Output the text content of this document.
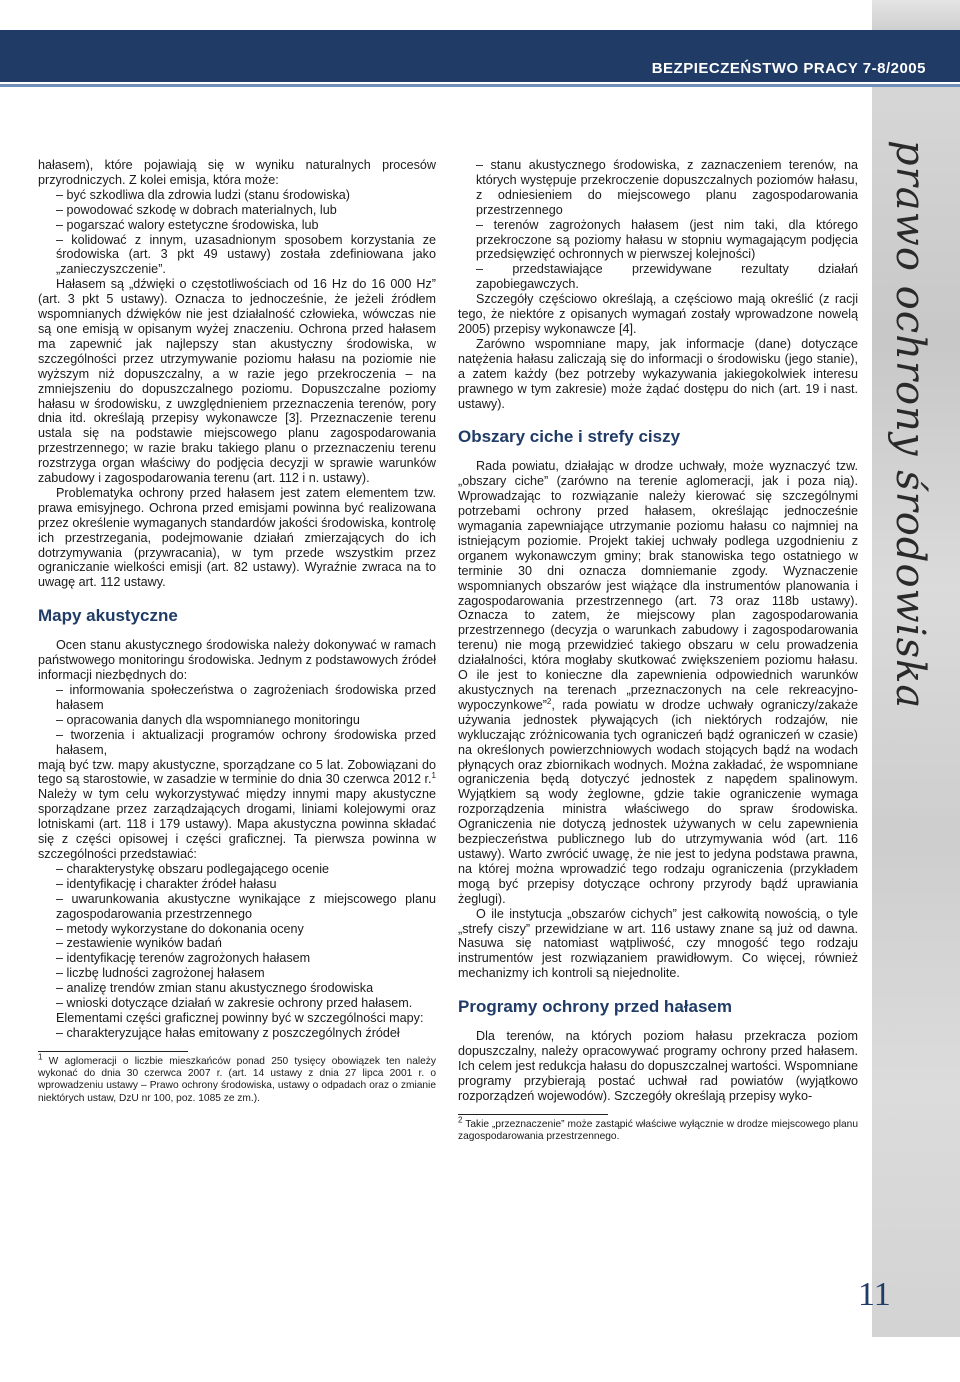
BEZPIECZEŃSTWO PRACY 7-8/2005
prawo ochrony środowiska
11

hałasem), które pojawiają się w wyniku naturalnych procesów przyrodniczych. Z kolei emisja, która może:

– być szkodliwa dla zdrowia ludzi (stanu środowiska)

– powodować szkodę w dobrach materialnych, lub

– pogarszać walory estetyczne środowiska, lub

– kolidować z innym, uzasadnionym sposobem korzystania ze środowiska (art. 3 pkt 49 ustawy) została zdefiniowana jako „zanieczyszczenie”.

Hałasem są „dźwięki o częstotliwościach od 16 Hz do 16 000 Hz” (art. 3 pkt 5 ustawy). Oznacza to jednocześnie, że jeżeli źródłem wspomnianych dźwięków nie jest działalność człowieka, wówczas nie są one emisją w opisanym wyżej znaczeniu. Ochrona przed hałasem ma zapewnić jak najlepszy stan akustyczny środowiska, w szczególności przez utrzymywanie poziomu hałasu na poziomie nie wyższym niż dopuszczalny, a w razie jego przekroczenia – na zmniejszeniu do dopuszczalnego poziomu. Dopuszczalne poziomy hałasu w środowisku, z uwzględnieniem przeznaczenia terenów, pory dnia itd. określają przepisy wykonawcze [3]. Przeznaczenie terenu ustala się na podstawie miejscowego planu zagospodarowania przestrzennego; w razie braku takiego planu o przeznaczeniu terenu rozstrzyga organ właściwy do podjęcia decyzji w sprawie warunków zabudowy i zagospodarowania terenu (art. 112 i n. ustawy).

Problematyka ochrony przed hałasem jest zatem elementem tzw. prawa emisyjnego. Ochrona przed emisjami powinna być realizowana przez określenie wymaganych standardów jakości środowiska, kontrolę ich przestrzegania, podejmowanie działań zmierzających do ich dotrzymywania (przywracania), w tym przede wszystkim przez ograniczanie wielkości emisji (art. 82 ustawy). Wyraźnie zwraca na to uwagę art. 112 ustawy.

Mapy akustyczne

Ocen stanu akustycznego środowiska należy dokonywać w ramach państwowego monitoringu środowiska. Jednym z podstawowych źródeł informacji niezbędnych do:

– informowania społeczeństwa o zagrożeniach środowiska przed hałasem

– opracowania danych dla wspomnianego monitoringu

– tworzenia i aktualizacji programów ochrony środowiska przed hałasem,

mają być tzw. mapy akustyczne, sporządzane co 5 lat. Zobowiązani do tego są starostowie, w zasadzie w terminie do dnia 30 czerwca 2012 r.$^1$ Należy w tym celu wykorzystywać między innymi mapy akustyczne sporządzane przez zarządzających drogami, liniami kolejowymi oraz lotniskami (art. 118 i 179 ustawy). Mapa akustyczna powinna składać się z części opisowej i części graficznej. Ta pierwsza powinna w szczególności przedstawiać:

– charakterystykę obszaru podlegającego ocenie

– identyfikację i charakter źródeł hałasu

– uwarunkowania akustyczne wynikające z miejscowego planu zagospodarowania przestrzennego

– metody wykorzystane do dokonania oceny

– zestawienie wyników badań

– identyfikację terenów zagrożonych hałasem

– liczbę ludności zagrożonej hałasem

– analizę trendów zmian stanu akustycznego środowiska

– wnioski dotyczące działań w zakresie ochrony przed hałasem.

Elementami części graficznej powinny być w szczególności mapy:

– charakteryzujące hałas emitowany z poszczególnych źródeł

$^1$ W aglomeracji o liczbie mieszkańców ponad 250 tysięcy obowiązek ten należy wykonać do dnia 30 czerwca 2007 r. (art. 14 ustawy z dnia 27 lipca 2001 r. o wprowadzeniu ustawy – Prawo ochrony środowiska, ustawy o odpadach oraz o zmianie niektórych ustaw, DzU nr 100, poz. 1085 ze zm.).

– stanu akustycznego środowiska, z zaznaczeniem terenów, na których występuje przekroczenie dopuszczalnych poziomów hałasu, z odniesieniem do miejscowego planu zagospodarowania przestrzennego

– terenów zagrożonych hałasem (jest nim taki, dla którego przekroczone są poziomy hałasu w stopniu wymagającym podjęcia przedsięwzięć ochronnych w pierwszej kolejności)

– przedstawiające przewidywane rezultaty działań zapobiegawczych.

Szczegóły częściowo określają, a częściowo mają określić (z racji tego, że niektóre z opisanych wymagań zostały wprowadzone nowelą 2005) przepisy wykonawcze [4].

Zarówno wspomniane mapy, jak informacje (dane) dotyczące natężenia hałasu zaliczają się do informacji o środowisku (jego stanie), a zatem każdy (bez potrzeby wykazywania jakiegokolwiek interesu prawnego w tym zakresie) może żądać dostępu do nich (art. 19 i nast. ustawy).

Obszary ciche i strefy ciszy

Rada powiatu, działając w drodze uchwały, może wyznaczyć tzw. „obszary ciche” (zarówno na terenie aglomeracji, jak i poza nią). Wprowadzając to rozwiązanie należy kierować się szczególnymi potrzebami ochrony przed hałasem, określając jednocześnie wymagania zapewniające utrzymanie poziomu hałasu co najmniej na istniejącym poziomie. Projekt takiej uchwały podlega uzgodnieniu z organem wykonawczym gminy; brak stanowiska tego ostatniego w terminie 30 dni oznacza domniemanie zgody. Wyznaczenie wspomnianych obszarów jest wiążące dla instrumentów planowania i zagospodarowania przestrzennego (art. 73 oraz 118b ustawy). Oznacza to zatem, że miejscowy plan zagospodarowania przestrzennego (decyzja o warunkach zabudowy i zagospodarowania terenu) nie mogą przewidzieć takiego obszaru w celu prowadzenia działalności, która mogłaby skutkować zwiększeniem poziomu hałasu. O ile jest to konieczne dla zapewnienia odpowiednich warunków akustycznych na terenach „przeznaczonych na cele rekreacyjno-wypoczynkowe”$^2$, rada powiatu w drodze uchwały ograniczy/zakaże używania jednostek pływających (ich niektórych rodzajów, nie wykluczając zróżnicowania tych ograniczeń bądź ograniczeń w czasie) na określonych powierzchniowych wodach stojących bądź na wodach płynących oraz zbiornikach wodnych. Można zakładać, że wspomniane ograniczenia będą dotyczyć jednostek z napędem spalinowym. Wyjątkiem są wody żeglowne, gdzie takie ograniczenie wymaga rozporządzenia ministra właściwego do spraw środowiska. Ograniczenia nie dotyczą jednostek używanych w celu zapewnienia bezpieczeństwa publicznego lub do utrzymywania wód (art. 116 ustawy). Warto zwrócić uwagę, że nie jest to jedyna podstawa prawna, na której można wprowadzić tego rodzaju ograniczenia (przykładem mogą być przepisy dotyczące ochrony przyrody bądź uprawiania żeglugi).

O ile instytucja „obszarów cichych” jest całkowitą nowością, o tyle „strefy ciszy” przewidziane w art. 116 ustawy znane są już od dawna. Nasuwa się natomiast wątpliwość, czy mnogość tego rodzaju instrumentów jest rozwiązaniem prawidłowym. Co więcej, również mechanizmy ich kontroli są niejednolite.

Programy ochrony przed hałasem

Dla terenów, na których poziom hałasu przekracza poziom dopuszczalny, należy opracowywać programy ochrony przed hałasem. Ich celem jest redukcja hałasu do dopuszczalnej wartości. Wspomniane programy przybierają postać uchwał rad powiatów (wyjątkowo rozporządzeń wojewodów). Szczegóły określają przepisy wyko-

$^2$ Takie „przeznaczenie” może zastąpić właściwe wyłącznie w drodze miejscowego planu zagospodarowania przestrzennego.
